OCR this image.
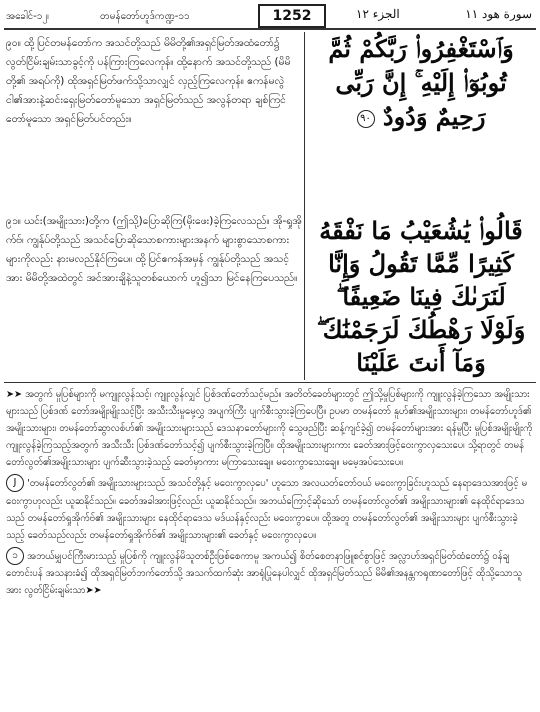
အခေါင်-၁၂၊	တမန်တော်ဟူဒ်ကဏ္ဍ-၁၁	1252	الجزء ١٢	سورة هود ١١
၉၀။ ထို့ပြင်တမန်တော်က အသင်တို့သည် မိမိတို့၏အရှင်မြတ်အထံတော်၌ လွတ်ငြိမ်းချမ်းသာခွင့်ကို ပန်ကြားကြလေကုန်။ ထို့နောက် အသင်တို့သည် (မိမိတို့၏ အရပ်ကို) ထိုအရှင်မြတ်ဖက်သို့သာလျှင် လှည့်ကြလေကုန်။ ဧကန်မလွဲ ငါ၏အားနဲ့ဆင်းရှေးမြတ်တော်မူသော အရှင်မြတ်သည် အလွန်တရာ ချစ်ကြင်တော်မူသော အရှင်မြတ်ပင်တည်း။
وَٱسْتَغْفِرُوا۟ رَبَّكُمْ ثُمَّ تُوبُوٓا۟ إِلَيْهِ ۚ إِنَّ رَبِّى رَحِيمٌ وَدُودٌ ٩٠
၉၁။ ယင်း(အမျိုးသား)တို့က (ဤသို့)ပြောဆိုကြ(မိုးဖေး)ခဲ့ကြလေသည်။ အို-ရှုအိုက်ဗ်၊ ကျွန်ုပ်တို့သည် အသင်ပြောဆိုသောစကားများအနက် များစွာသောစကားများကိုလည်း နားမလည်နိုင်ကြပေ။ ထို့ပြင်ဧကန်အမှန် ကျွန်ုပ်တို့သည် အသင့်အား မိမိတို့အထဲတွင် အင်အားချိနဲ့သူတစ်ယောက် ဟူ၍သာ မြင်နေကြပေသည်။
قَالُوا۟ يَٰشُعَيْبُ مَا نَفْقَهُ كَثِيرًا مِّمَّا تَقُولُ وَإِنَّا لَنَرَىٰكَ فِينَا ضَعِيفًا ۖ وَلَوْلَا رَهْطُكَ لَرَجَمْنَٰكَ ۖ وَمَآ أَنتَ عَلَيْنَا

➤➤ အတွက် မှုပြစ်များကို မကျူးလွန်သင့်၊ ကျူးလွန်လျှင် ပြစ်ဒဏ်တော်သင့်မည်။ အတိတ်ခေတ်များတွင် ဤသို့မှုပြစ်များကို ကျူးလွန်ခဲ့ကြသော အမျိုးသားများသည် ပြစ်ဒဏ် တော်အမျိုးမျိုးသင့်ပြီး အသီးသီးမှုမှေ့လွှ အပျက်ကြီး ပျက်စီးသွားခဲ့ကြပေပြီ။ ဥပမာ တမန်တော် နူဟ်၏အမျိုးသားများ၊ တမန်တော်ဟူဒ်၏ အမျိုးသားများ၊ တမန်တော်ဆွာလစ်ဟ်၏ အမျိုးသားများသည် ဒေသနာတော်များကို သွေဖည်ပြီး ဆန့်ကျင်ခဲ့၍ တမန်တော်များအား ရန်မူပြီး မှုပြစ်အမျိုးမျိုးကို ကျူးလွန်ခဲ့ကြသည့်အတွက် အသီးသီး ပြစ်ဒဏ်တော်သင့်၍ ပျက်စီးသွားခဲ့ကြပြီ။ ထိုအမျိုးသားများကား ခေတ်အားဖြင့်ဝေးကွာလှသေးပေ၊ သို့ရာတွင် တမန်တော်လွတ်၏အမျိုးသားများ ပျက်ဆီးသွားခဲ့သည့် ခေတ်မှာကား မကြာသေးချေ။ မဝေးကွာသေးချေ။ မမေ့အပ်သေးပေ။

J 'တမန်တော်လွတ်၏ အမျိုးသားများသည် အသင်တို့နှင့် မဝေးကွာလှပေ' ဟူသော အလယတ်တော်ဝယ် မဝေးကွာခြင်းဟူသည် နေရာဒေသအားဖြင့် မဝေးကွာဟုလည်း ယူဆနိုင်သည်။ ခေတ်အခါအားဖြင့်လည်း ယူဆနိုင်သည်။ အဘယ်ကြောင့်ဆိုသော် တမန်တော်လွတ်၏ အမျိုးသားများ၏ နေထိုင်ရာဒေသသည် တမန်တော်ရှုအိုက်ဗ်၏ အမျိုးသားများ နေထိုင်ရာဒေသ မဒ်ယန်နှင့်လည်း မဝေးကွာပေ။ ထို့အတူ တမန်တော်လွတ်၏ အမျိုးသားများ ပျက်စီးသွားခဲ့သည့် ခေတ်သည်လည်း တမန်တော်ရှုအိုက်ဗ်၏ အမျိုးသားများ၏ ခေတ်နှင့် မဝေးကွာလှပေ။

၁ အဘယ်မျှပင်ကြီးမားသည့် မှုပြစ်ကို ကျူးလွန်မိသူတစ်ဦးဖြစ်စေကာမူ အကယ်၍ စိတ်စေတနာဖြူစင်စွာဖြင့် အလ္လာဟ်အရှင်မြတ်ထံတော်၌ ဝန်ချတောင်းပန် အသနားခံ၍ ထိုအရှင်မြတ်ဘက်တော်သို့ အသက်ထက်ဆုံး အာရုံပြုနေပါလျှင် ထိုအရှင်မြတ်သည် မိမိ၏အနန္တကရုဏာတော်ဖြင့် ထိုသို့သောသူအား လွတ်ငြိမ်းချမ်းသာ➤➤
